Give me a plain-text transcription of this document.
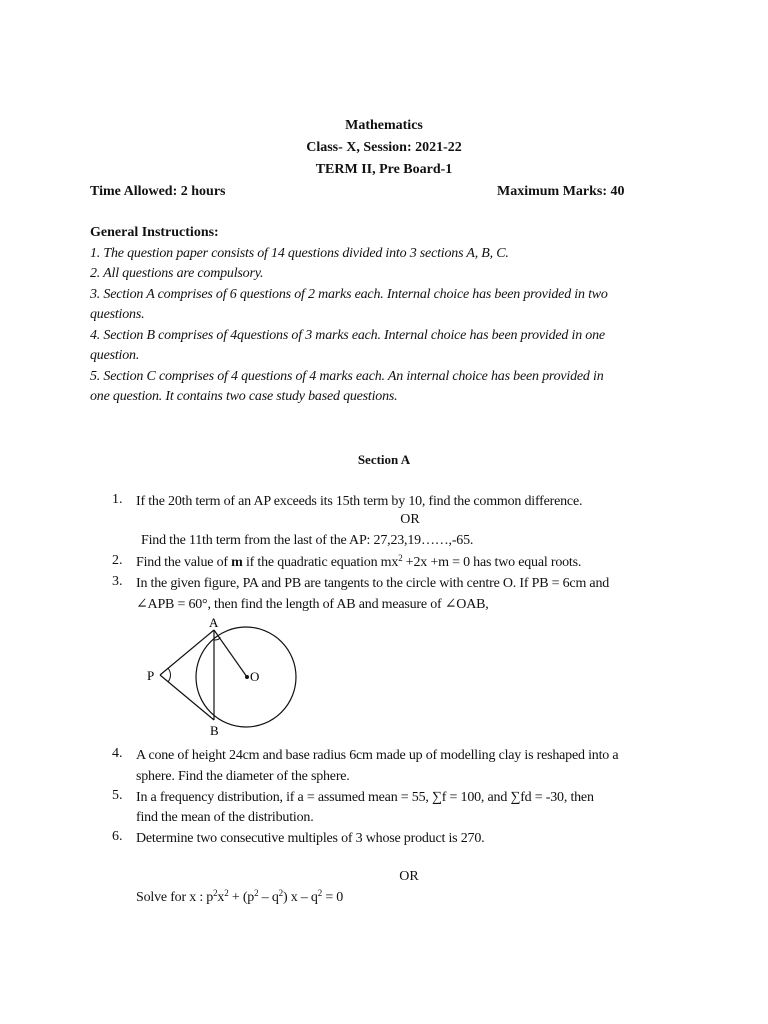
Mathematics
Class- X, Session: 2021-22
TERM II, Pre Board-1
Time Allowed: 2 hours	Maximum Marks: 40
General Instructions:
1. The question paper consists of 14 questions divided into 3 sections A, B, C.
2. All questions are compulsory.
3. Section A comprises of 6 questions of 2 marks each. Internal choice has been provided in two
questions.
4. Section B comprises of 4questions of 3 marks each. Internal choice has been provided in one
question.
5. Section C comprises of 4 questions of 4 marks each. An internal choice has been provided in
one question. It contains two case study based questions.
Section A
1. If the 20th term of an AP exceeds its 15th term by 10, find the common difference.
OR
Find the 11th term from the last of the AP: 27,23,19……,-65.
2. Find the value of m if the quadratic equation $mx^2 +2x +m = 0$ has two equal roots.
3. In the given figure, PA and PB are tangents to the circle with centre O. If PB = 6cm and
∠APB = 60°, then find the length of AB and measure of ∠OAB,
A
B
P	O
4. A cone of height 24cm and base radius 6cm made up of modelling clay is reshaped into a
sphere. Find the diameter of the sphere.
5. In a frequency distribution, if a = assumed mean = 55, ∑f = 100, and ∑fd = -30, then
find the mean of the distribution.
6. Determine two consecutive multiples of 3 whose product is 270.
OR
Solve for x : $p^2x^2 + (p^2 - q^2)$ $x - q^2 = 0$
